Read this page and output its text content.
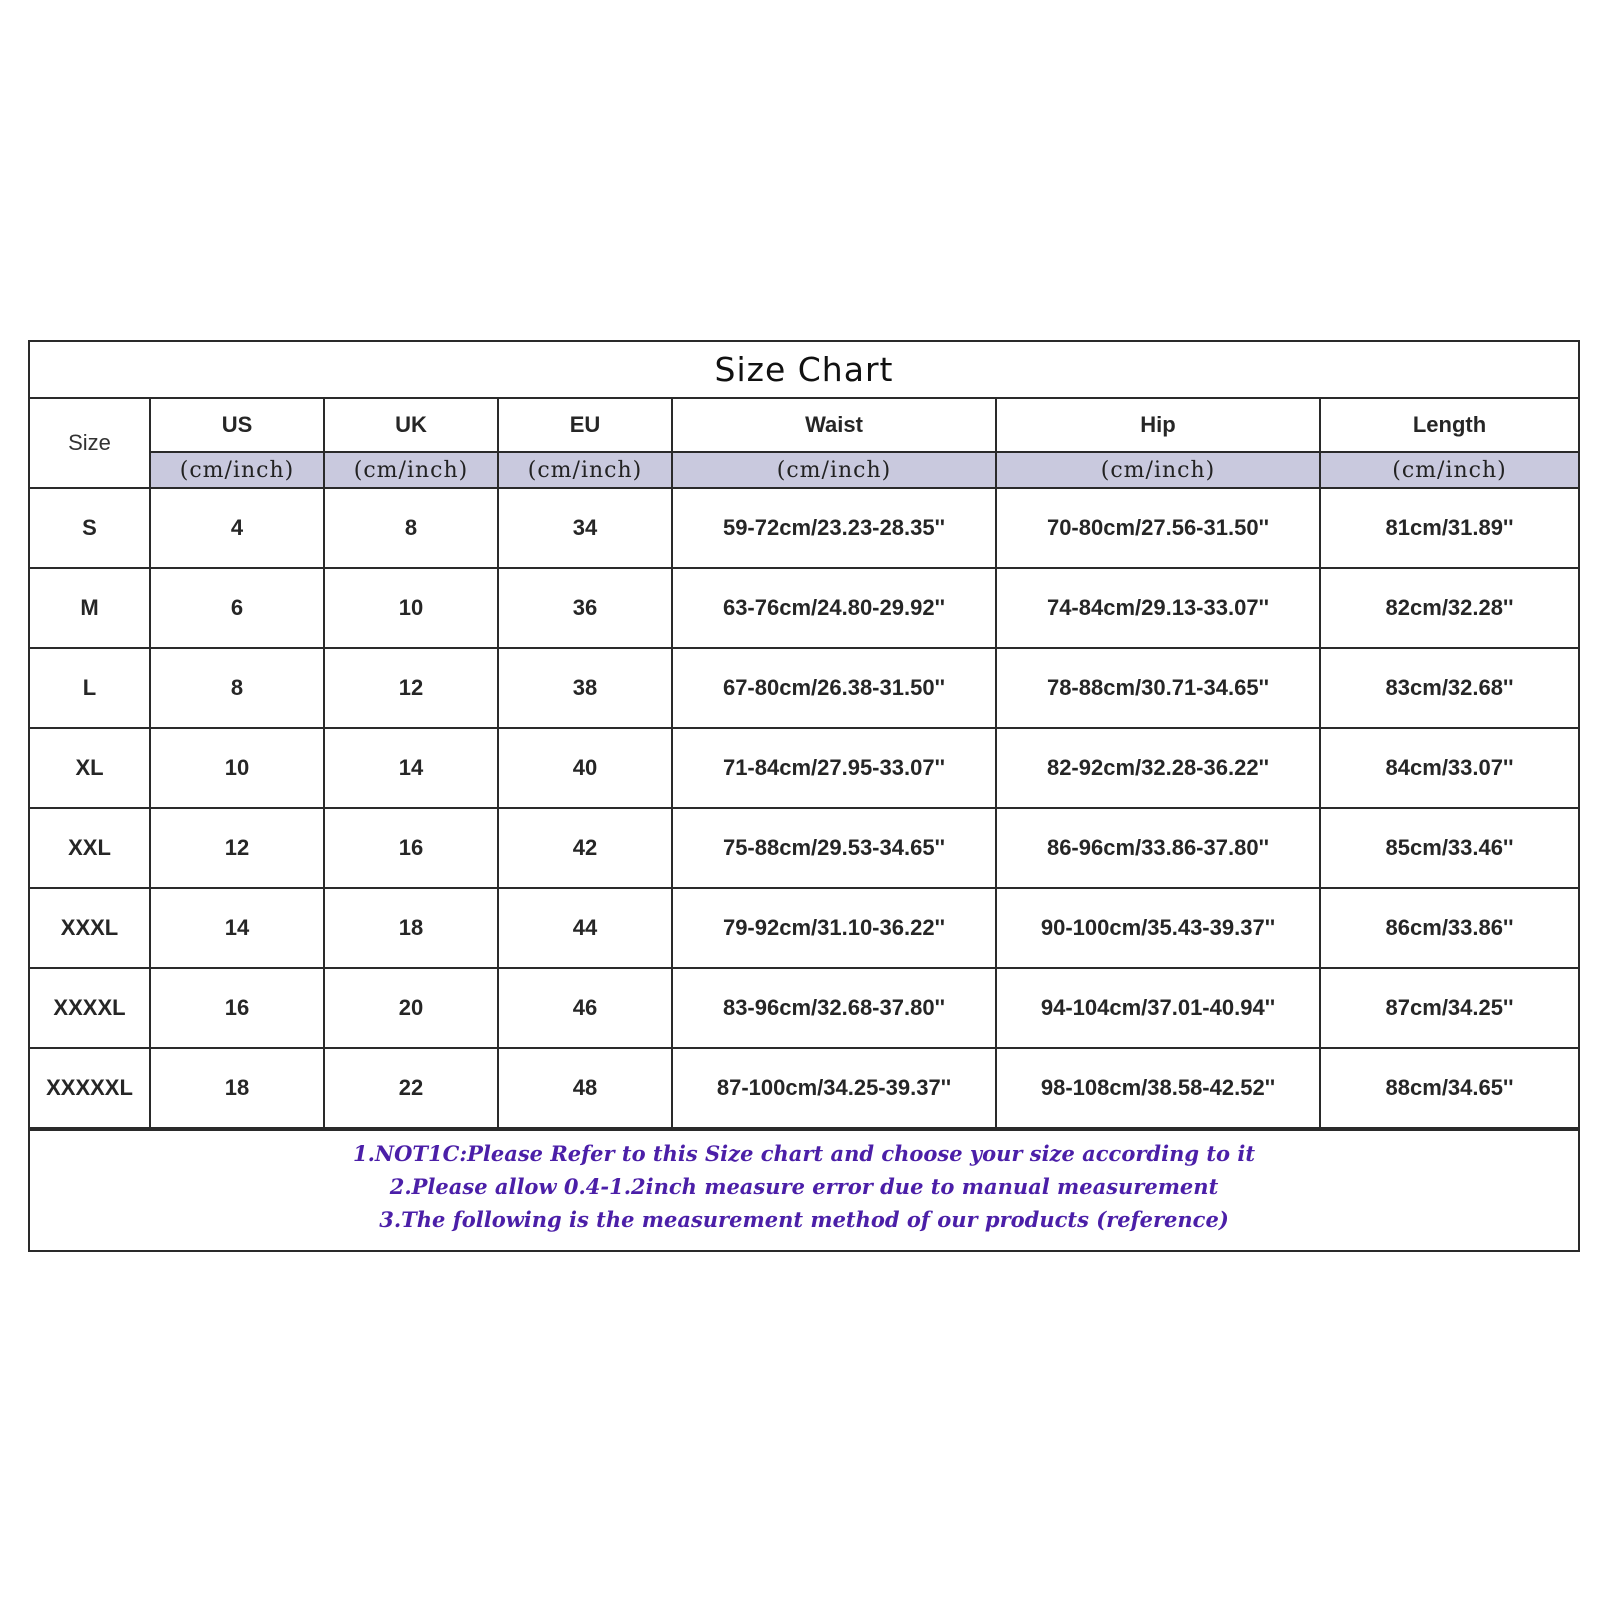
Size Chart
Size	US	UK	EU	Waist	Hip	Length
	(cm/inch)	(cm/inch)	(cm/inch)	(cm/inch)	(cm/inch)	(cm/inch)
S	4	8	34	59-72cm/23.23-28.35''	70-80cm/27.56-31.50''	81cm/31.89''
M	6	10	36	63-76cm/24.80-29.92''	74-84cm/29.13-33.07''	82cm/32.28''
L	8	12	38	67-80cm/26.38-31.50''	78-88cm/30.71-34.65''	83cm/32.68''
XL	10	14	40	71-84cm/27.95-33.07''	82-92cm/32.28-36.22''	84cm/33.07''
XXL	12	16	42	75-88cm/29.53-34.65''	86-96cm/33.86-37.80''	85cm/33.46''
XXXL	14	18	44	79-92cm/31.10-36.22''	90-100cm/35.43-39.37''	86cm/33.86''
XXXXL	16	20	46	83-96cm/32.68-37.80''	94-104cm/37.01-40.94''	87cm/34.25''
XXXXXL	18	22	48	87-100cm/34.25-39.37''	98-108cm/38.58-42.52''	88cm/34.65''
1.NOT1C:Please Refer to this Size chart and choose your size according to it
2.Please allow 0.4-1.2inch measure error due to manual measurement
3.The following is the measurement method of our products (reference)
